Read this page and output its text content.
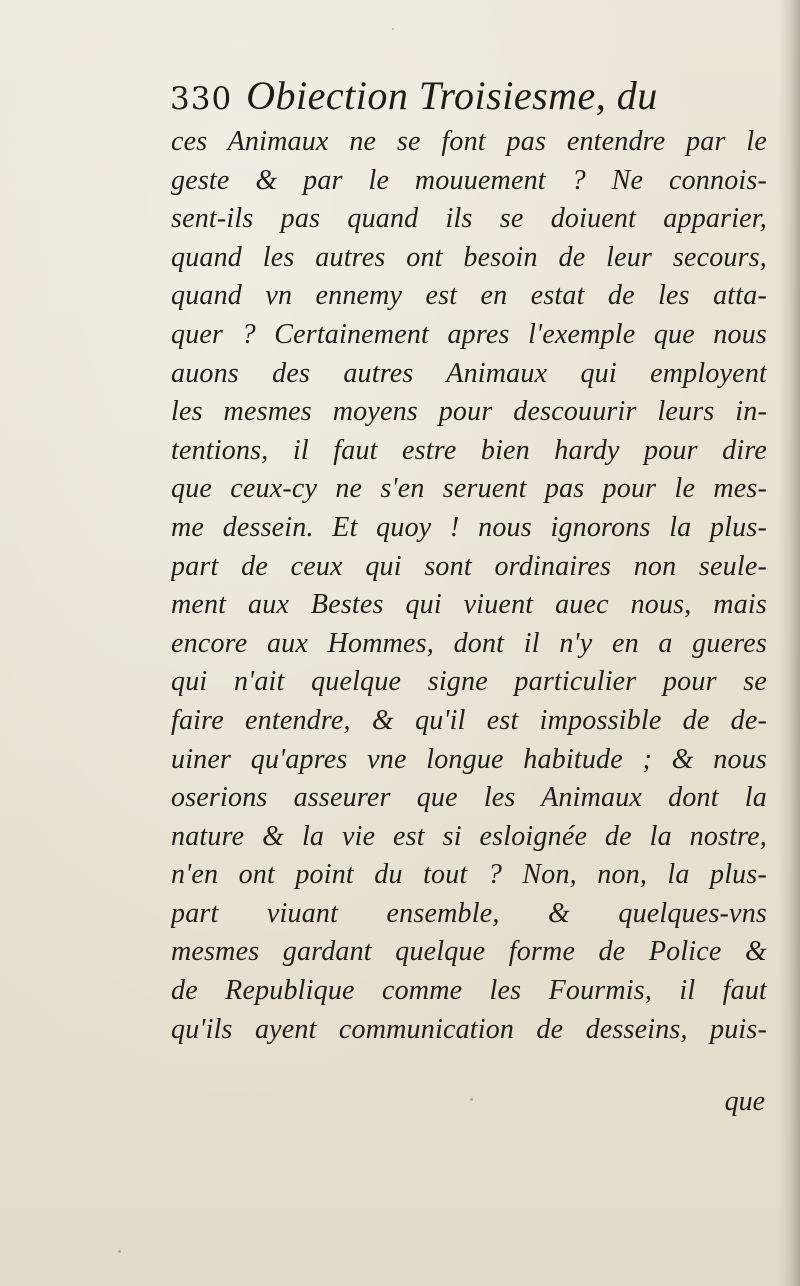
330 Obiection Troisiesme, du
ces Animaux ne se font pas entendre par le
geste & par le mouuement ? Ne connois-
sent-ils pas quand ils se doiuent apparier,
quand les autres ont besoin de leur secours,
quand vn ennemy est en estat de les atta-
quer ? Certainement apres l'exemple que nous
auons des autres Animaux qui employent
les mesmes moyens pour descouurir leurs in-
tentions, il faut estre bien hardy pour dire
que ceux-cy ne s'en seruent pas pour le mes-
me dessein. Et quoy ! nous ignorons la plus-
part de ceux qui sont ordinaires non seule-
ment aux Bestes qui viuent auec nous, mais
encore aux Hommes, dont il n'y en a gueres
qui n'ait quelque signe particulier pour se
faire entendre, & qu'il est impossible de de-
uiner qu'apres vne longue habitude ; & nous
oserions asseurer que les Animaux dont la
nature & la vie est si esloignée de la nostre,
n'en ont point du tout ? Non, non, la plus-
part viuant ensemble, & quelques-vns
mesmes gardant quelque forme de Police &
de Republique comme les Fourmis, il faut
qu'ils ayent communication de desseins, puis-
que
